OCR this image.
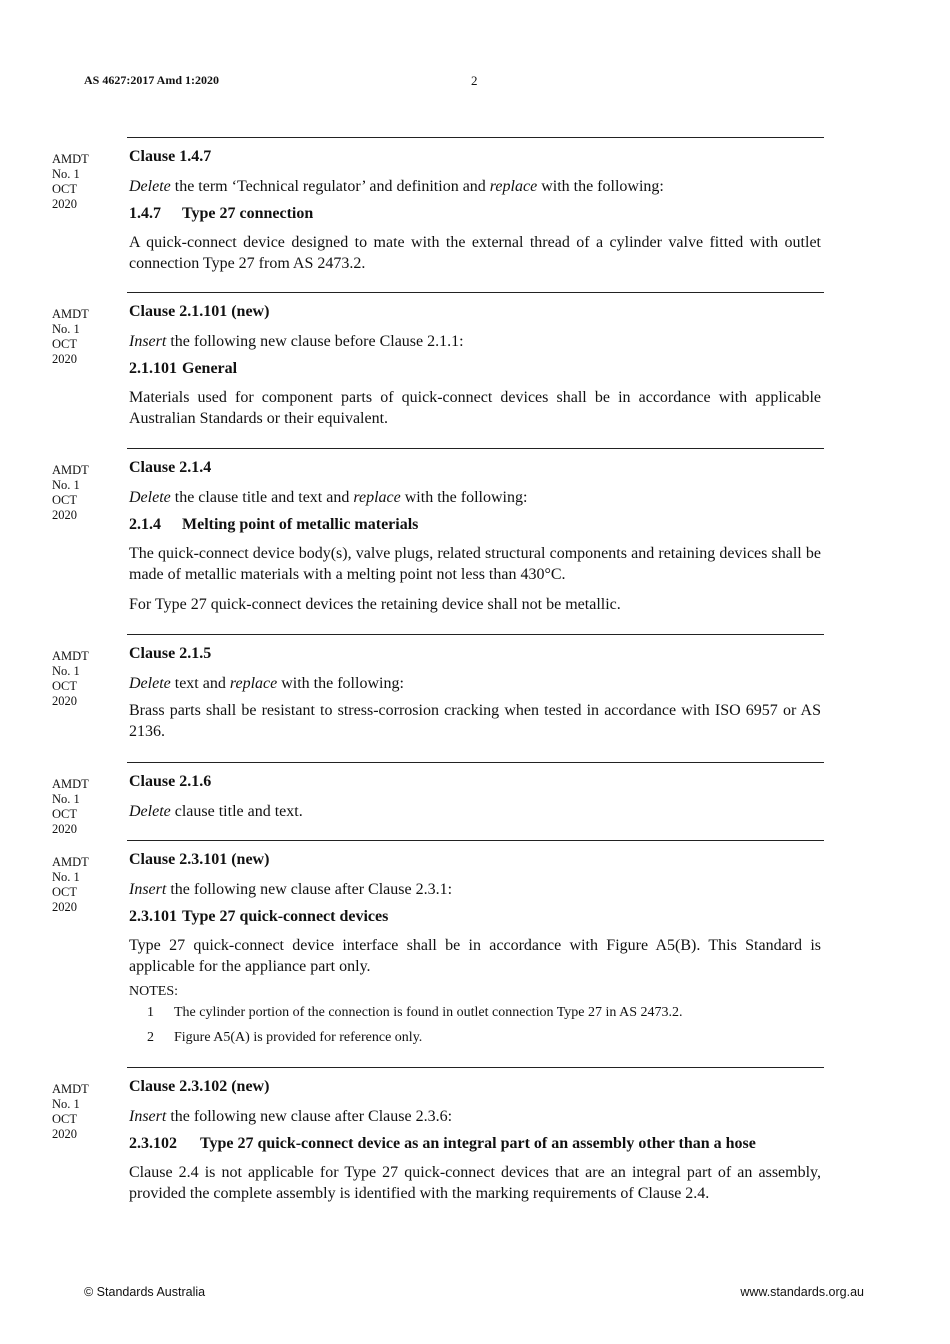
AS 4627:2017 Amd 1:2020	2
AMDT
No. 1
OCT
2020

Clause 1.4.7

Delete the term ‘Technical regulator’ and definition and replace with the following:

1.4.7 Type 27 connection

A quick-connect device designed to mate with the external thread of a cylinder valve fitted with outlet connection Type 27 from AS 2473.2.

AMDT
No. 1
OCT
2020

Clause 2.1.101 (new)

Insert the following new clause before Clause 2.1.1:

2.1.101 General

Materials used for component parts of quick-connect devices shall be in accordance with applicable Australian Standards or their equivalent.

AMDT
No. 1
OCT
2020

Clause 2.1.4

Delete the clause title and text and replace with the following:

2.1.4 Melting point of metallic materials

The quick-connect device body(s), valve plugs, related structural components and retaining devices shall be made of metallic materials with a melting point not less than 430°C.

For Type 27 quick-connect devices the retaining device shall not be metallic.

AMDT
No. 1
OCT
2020

Clause 2.1.5

Delete text and replace with the following:

Brass parts shall be resistant to stress-corrosion cracking when tested in accordance with ISO 6957 or AS 2136.

AMDT
No. 1
OCT
2020

Clause 2.1.6

Delete clause title and text.

AMDT
No. 1
OCT
2020

Clause 2.3.101 (new)

Insert the following new clause after Clause 2.3.1:

2.3.101 Type 27 quick-connect devices

Type 27 quick-connect device interface shall be in accordance with Figure A5(B). This Standard is applicable for the appliance part only.

NOTES:

1	The cylinder portion of the connection is found in outlet connection Type 27 in AS 2473.2.
2	Figure A5(A) is provided for reference only.
AMDT
No. 1
OCT
2020

Clause 2.3.102 (new)

Insert the following new clause after Clause 2.3.6:

2.3.102 Type 27 quick-connect device as an integral part of an assembly other than a hose

Clause 2.4 is not applicable for Type 27 quick-connect devices that are an integral part of an assembly, provided the complete assembly is identified with the marking requirements of Clause 2.4.

© Standards Australia	www.standards.org.au
